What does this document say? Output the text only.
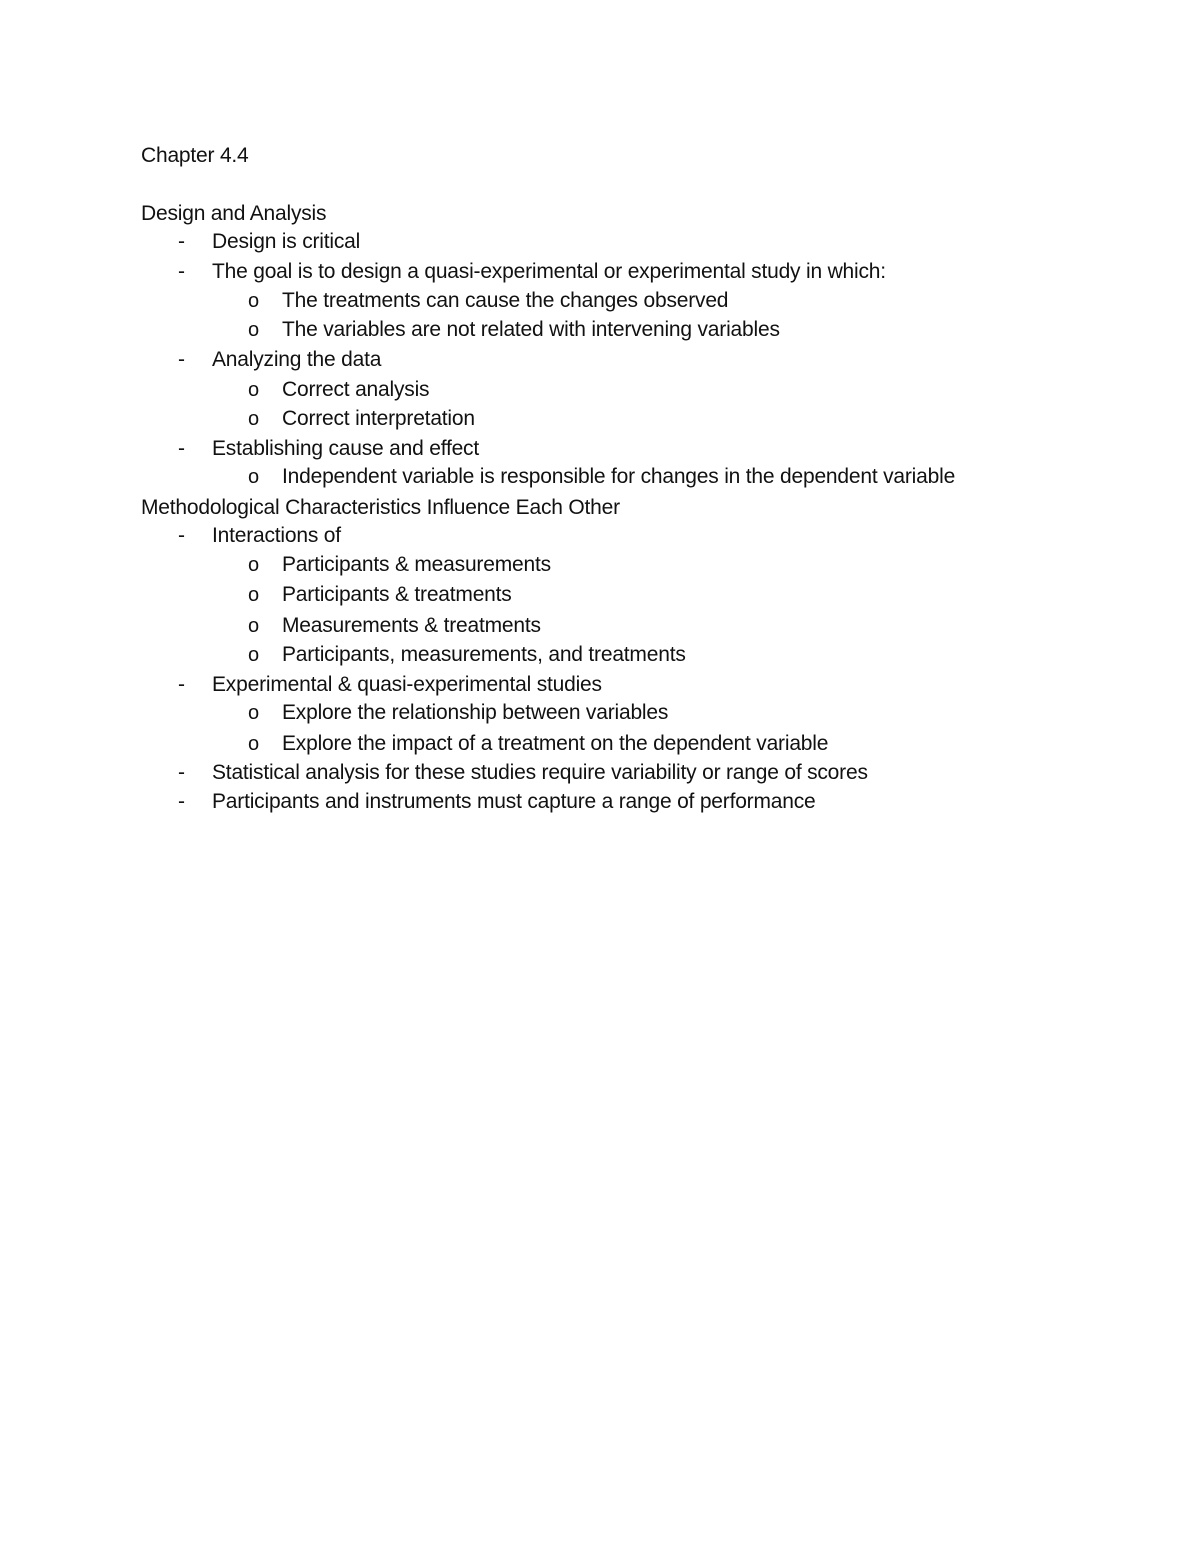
Chapter 4.4
Design and Analysis
- Design is critical
- The goal is to design a quasi-experimental or experimental study in which:
o The treatments can cause the changes observed
o The variables are not related with intervening variables
- Analyzing the data
o Correct analysis
o Correct interpretation
- Establishing cause and effect
o Independent variable is responsible for changes in the dependent variable
Methodological Characteristics Influence Each Other
- Interactions of
o Participants & measurements
o Participants & treatments
o Measurements & treatments
o Participants, measurements, and treatments
- Experimental & quasi-experimental studies
o Explore the relationship between variables
o Explore the impact of a treatment on the dependent variable
- Statistical analysis for these studies require variability or range of scores
- Participants and instruments must capture a range of performance
